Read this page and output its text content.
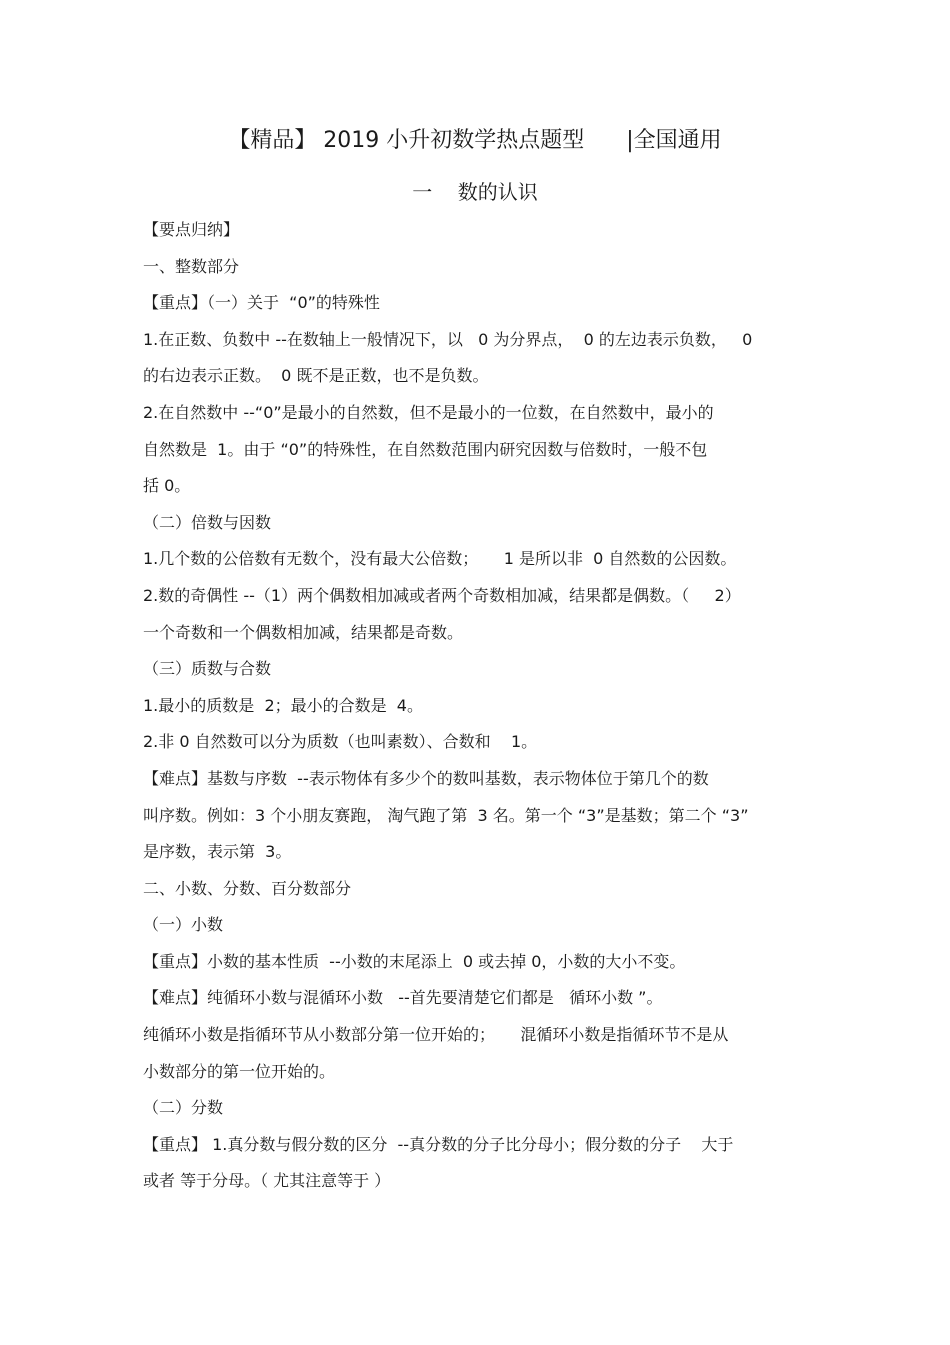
【精品】 2019 小升初数学热点题型      |全国通用
一    数的认识
【要点归纳】
一、整数部分
【重点】（一）关于  “0”的特殊性
1.在正数、负数中 --在数轴上一般情况下，以   0 为分界点，  0 的左边表示负数，   0
的右边表示正数。  0 既不是正数，也不是负数。
2.在自然数中 --“0”是最小的自然数，但不是最小的一位数，在自然数中，最小的
自然数是  1。由于 “0”的特殊性，在自然数范围内研究因数与倍数时，一般不包
括 0。
（二）倍数与因数
1.几个数的公倍数有无数个，没有最大公倍数；     1 是所以非  0 自然数的公因数。
2.数的奇偶性 --（1）两个偶数相加减或者两个奇数相加减，结果都是偶数。（     2）
一个奇数和一个偶数相加减，结果都是奇数。
（三）质数与合数
1.最小的质数是  2；最小的合数是  4。
2.非 0 自然数可以分为质数（也叫素数）、合数和    1。
【难点】基数与序数  --表示物体有多少个的数叫基数，表示物体位于第几个的数
叫序数。例如：3 个小朋友赛跑， 淘气跑了第  3 名。第一个 “3”是基数；第二个 “3”
是序数，表示第  3。
二、小数、分数、百分数部分
（一）小数
【重点】小数的基本性质  --小数的末尾添上  0 或去掉 0，小数的大小不变。
【难点】纯循环小数与混循环小数   --首先要清楚它们都是   循环小数 ”。
纯循环小数是指循环节从小数部分第一位开始的；     混循环小数是指循环节不是从
小数部分的第一位开始的。
（二）分数
【重点】 1.真分数与假分数的区分  --真分数的分子比分母小；假分数的分子    大于
或者 等于分母。（ 尤其注意等于 ）
